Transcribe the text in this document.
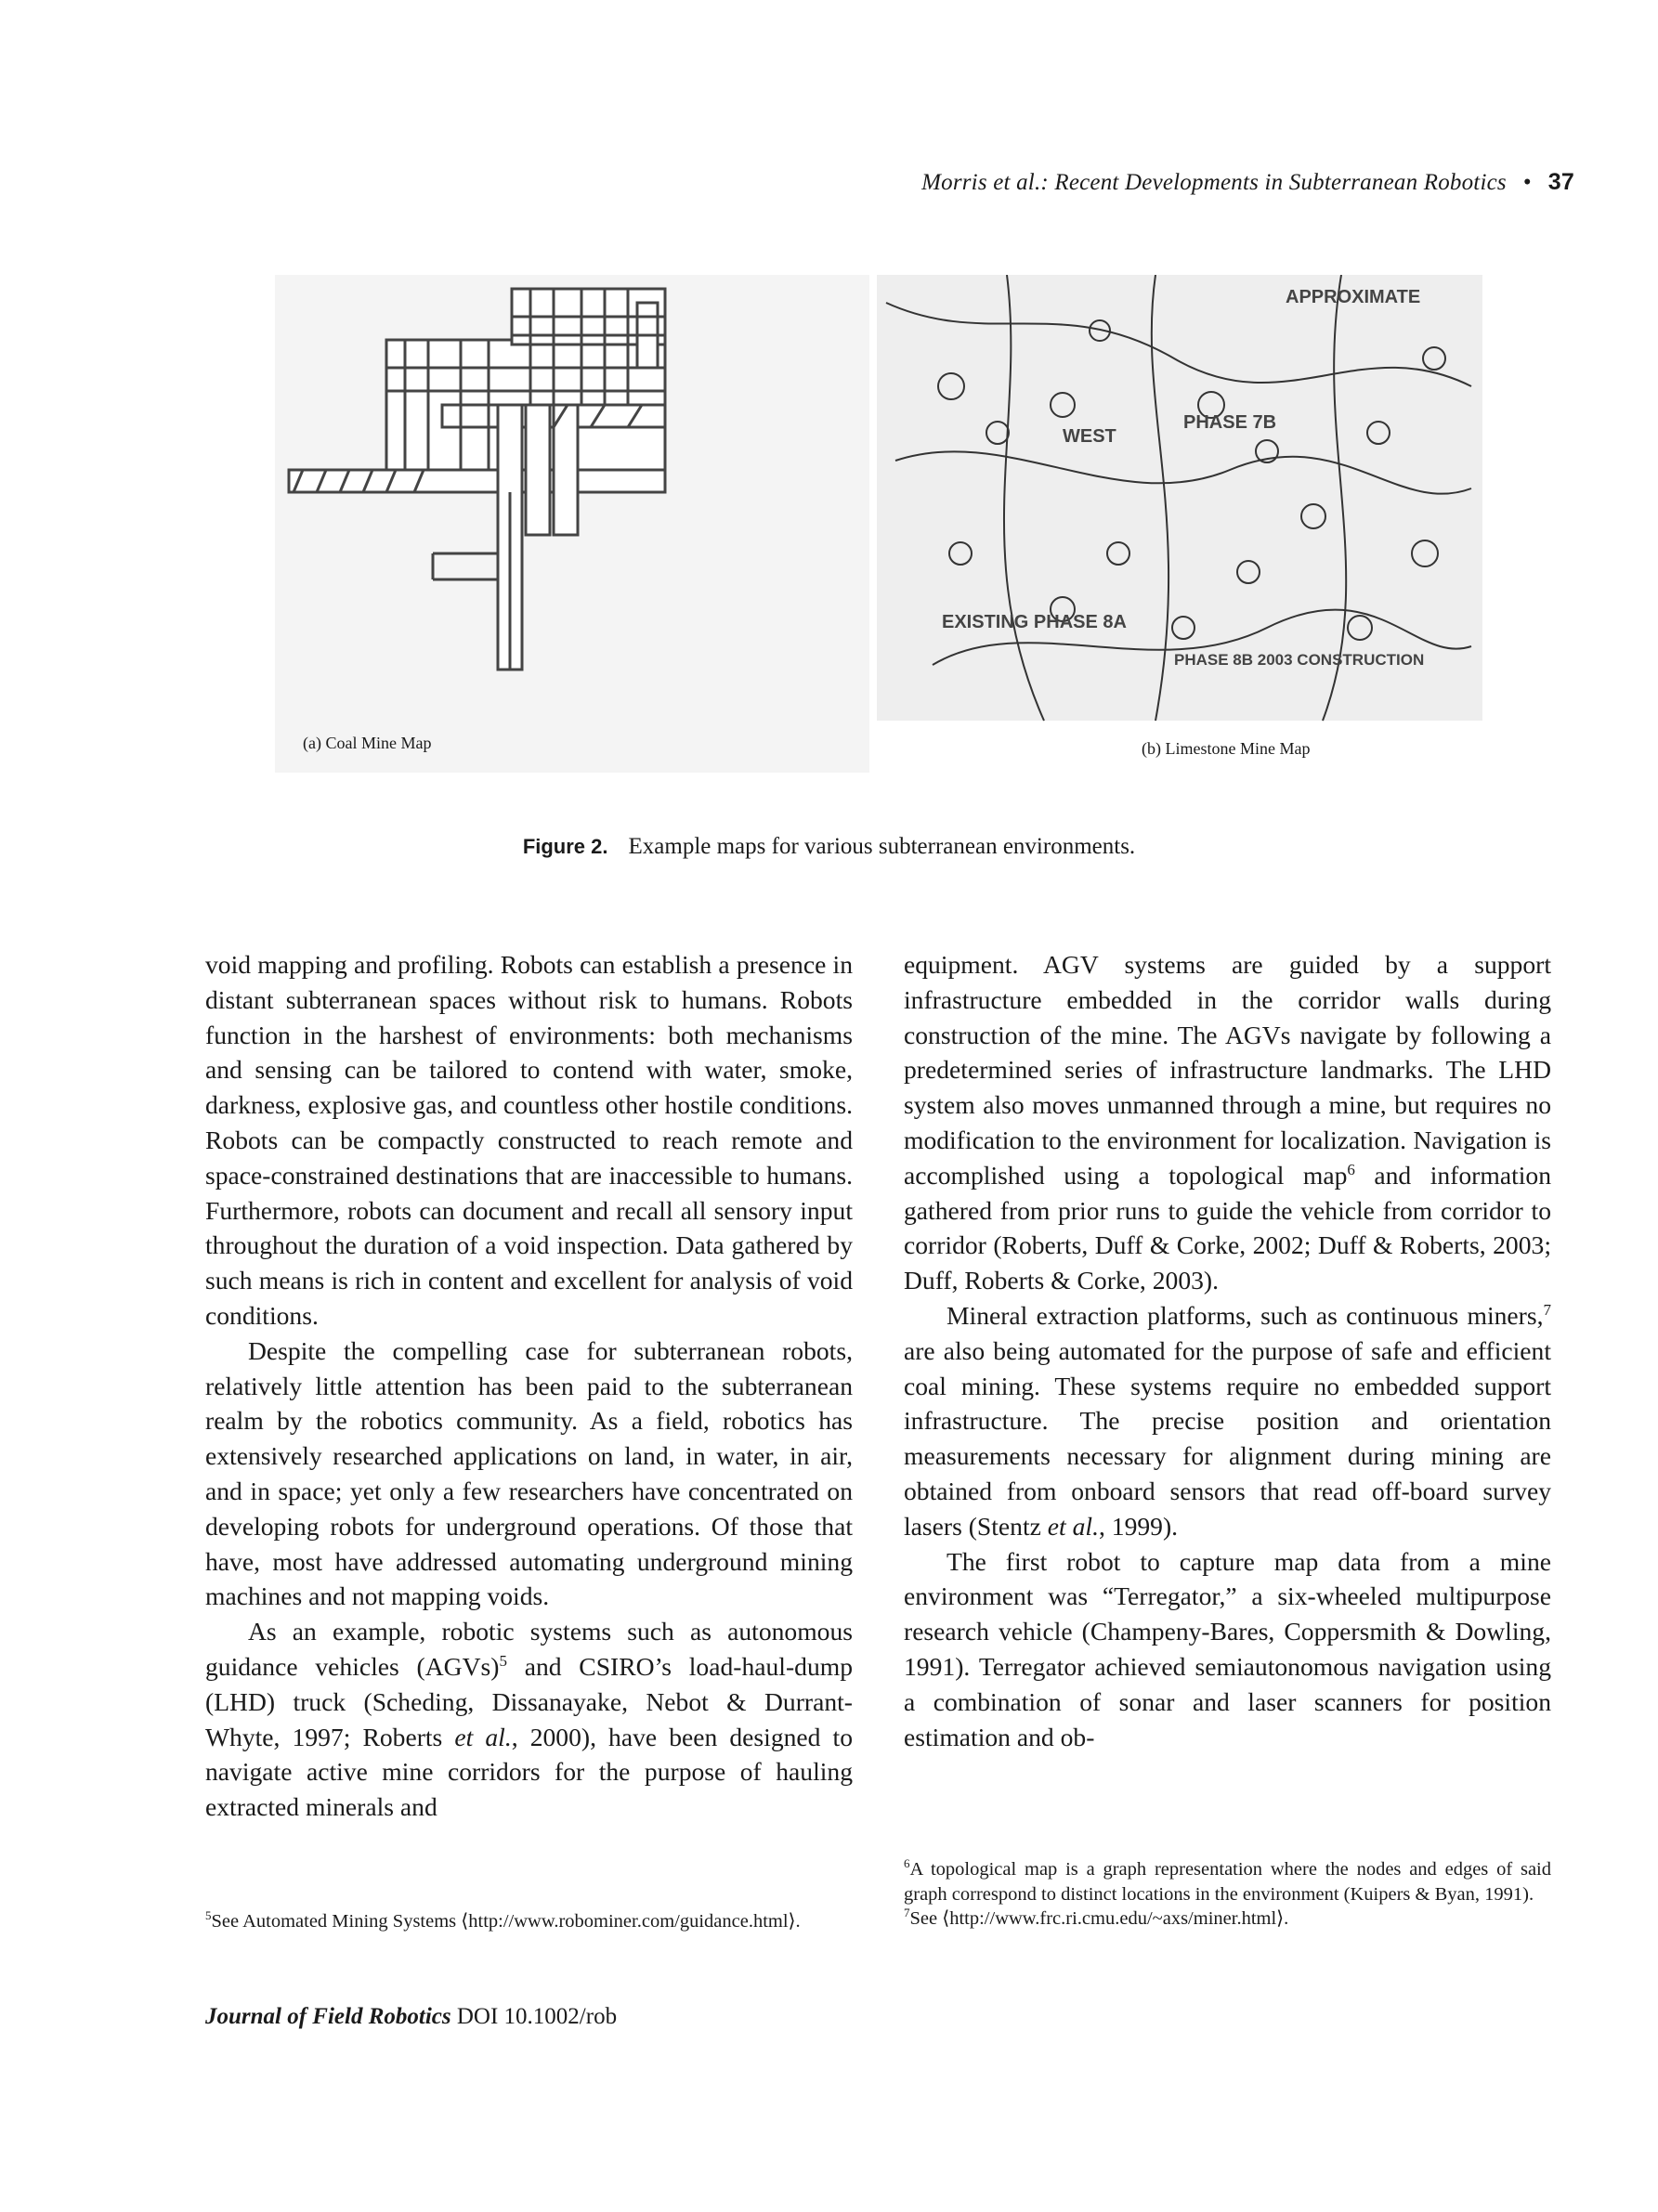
Morris et al.: Recent Developments in Subterranean Robotics • 37
(a) Coal Mine Map
APPROXIMATE
PHASE 7B
EXISTING PHASE 8A
PHASE 8B 2003 CONSTRUCTION
WEST
(b) Limestone Mine Map
Figure 2. Example maps for various subterranean environments.

void mapping and profiling. Robots can establish a presence in distant subterranean spaces without risk to humans. Robots function in the harshest of environments: both mechanisms and sensing can be tailored to contend with water, smoke, darkness, explosive gas, and countless other hostile conditions. Robots can be compactly constructed to reach remote and space-constrained destinations that are inaccessible to humans. Furthermore, robots can document and recall all sensory input throughout the duration of a void inspection. Data gathered by such means is rich in content and excellent for analysis of void conditions.

Despite the compelling case for subterranean robots, relatively little attention has been paid to the subterranean realm by the robotics community. As a field, robotics has extensively researched applications on land, in water, in air, and in space; yet only a few researchers have concentrated on developing robots for underground operations. Of those that have, most have addressed automating underground mining machines and not mapping voids.

As an example, robotic systems such as autonomous guidance vehicles (AGVs)$^5$ and CSIRO’s load-haul-dump (LHD) truck (Scheding, Dissanayake, Nebot & Durrant-Whyte, 1997; Roberts et al., 2000), have been designed to navigate active mine corridors for the purpose of hauling extracted minerals and

equipment. AGV systems are guided by a support infrastructure embedded in the corridor walls during construction of the mine. The AGVs navigate by following a predetermined series of infrastructure landmarks. The LHD system also moves unmanned through a mine, but requires no modification to the environment for localization. Navigation is accomplished using a topological map$^6$ and information gathered from prior runs to guide the vehicle from corridor to corridor (Roberts, Duff & Corke, 2002; Duff & Roberts, 2003; Duff, Roberts & Corke, 2003).

Mineral extraction platforms, such as continuous miners,$^7$ are also being automated for the purpose of safe and efficient coal mining. These systems require no embedded support infrastructure. The precise position and orientation measurements necessary for alignment during mining are obtained from onboard sensors that read off-board survey lasers (Stentz et al., 1999).

The first robot to capture map data from a mine environment was “Terregator,” a six-wheeled multipurpose research vehicle (Champeny-Bares, Coppersmith & Dowling, 1991). Terregator achieved semiautonomous navigation using a combination of sonar and laser scanners for position estimation and ob-

$^5$See Automated Mining Systems ⟨http://www.robominer.com/guidance.html⟩.

$^6$A topological map is a graph representation where the nodes and edges of said graph correspond to distinct locations in the environment (Kuipers & Byan, 1991).

$^7$See ⟨http://www.frc.ri.cmu.edu/~axs/miner.html⟩.

Journal of Field Robotics DOI 10.1002/rob
